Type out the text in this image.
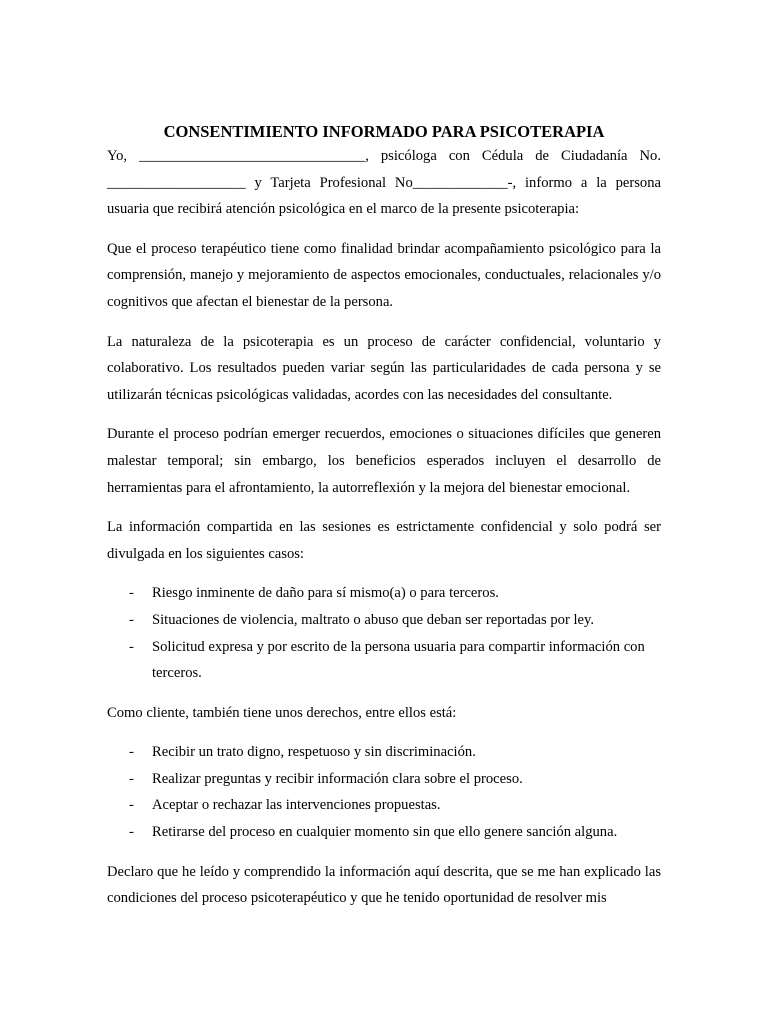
CONSENTIMIENTO INFORMADO PARA PSICOTERAPIA

Yo, _______________________________, psicóloga con Cédula de Ciudadanía No. ___________________ y Tarjeta Profesional No_____________-, informo a la persona usuaria que recibirá atención psicológica en el marco de la presente psicoterapia:

Que el proceso terapéutico tiene como finalidad brindar acompañamiento psicológico para la comprensión, manejo y mejoramiento de aspectos emocionales, conductuales, relacionales y/o cognitivos que afectan el bienestar de la persona.

La naturaleza de la psicoterapia es un proceso de carácter confidencial, voluntario y colaborativo. Los resultados pueden variar según las particularidades de cada persona y se utilizarán técnicas psicológicas validadas, acordes con las necesidades del consultante.

Durante el proceso podrían emerger recuerdos, emociones o situaciones difíciles que generen malestar temporal; sin embargo, los beneficios esperados incluyen el desarrollo de herramientas para el afrontamiento, la autorreflexión y la mejora del bienestar emocional.

La información compartida en las sesiones es estrictamente confidencial y solo podrá ser divulgada en los siguientes casos:

- Riesgo inminente de daño para sí mismo(a) o para terceros.
- Situaciones de violencia, maltrato o abuso que deban ser reportadas por ley.
- Solicitud expresa y por escrito de la persona usuaria para compartir información con terceros.

Como cliente, también tiene unos derechos, entre ellos está:

- Recibir un trato digno, respetuoso y sin discriminación.
- Realizar preguntas y recibir información clara sobre el proceso.
- Aceptar o rechazar las intervenciones propuestas.
- Retirarse del proceso en cualquier momento sin que ello genere sanción alguna.

Declaro que he leído y comprendido la información aquí descrita, que se me han explicado las condiciones del proceso psicoterapéutico y que he tenido oportunidad de resolver mis
